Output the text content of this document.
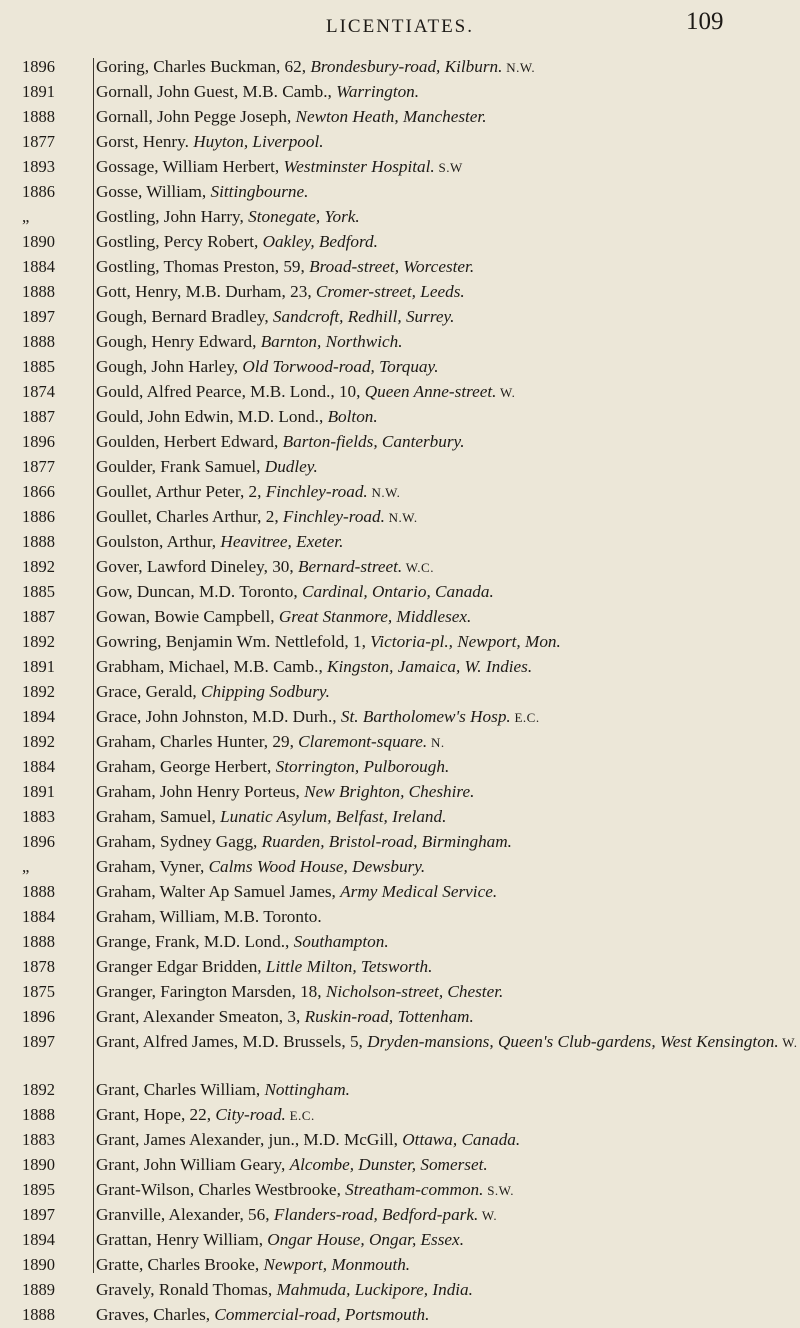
LICENTIATES.	109
1896	Goring, Charles Buckman, 62, Brondesbury-road, Kilburn. N.W.
1891	Gornall, John Guest, M.B. Camb., Warrington.
1888	Gornall, John Pegge Joseph, Newton Heath, Manchester.
1877	Gorst, Henry. Huyton, Liverpool.
1893	Gossage, William Herbert, Westminster Hospital. S.W
1886	Gosse, William, Sittingbourne.
„	Gostling, John Harry, Stonegate, York.
1890	Gostling, Percy Robert, Oakley, Bedford.
1884	Gostling, Thomas Preston, 59, Broad-street, Worcester.
1888	Gott, Henry, M.B. Durham, 23, Cromer-street, Leeds.
1897	Gough, Bernard Bradley, Sandcroft, Redhill, Surrey.
1888	Gough, Henry Edward, Barnton, Northwich.
1885	Gough, John Harley, Old Torwood-road, Torquay.
1874	Gould, Alfred Pearce, M.B. Lond., 10, Queen Anne-street. W.
1887	Gould, John Edwin, M.D. Lond., Bolton.
1896	Goulden, Herbert Edward, Barton-fields, Canterbury.
1877	Goulder, Frank Samuel, Dudley.
1866	Goullet, Arthur Peter, 2, Finchley-road. N.W.
1886	Goullet, Charles Arthur, 2, Finchley-road. N.W.
1888	Goulston, Arthur, Heavitree, Exeter.
1892	Gover, Lawford Dineley, 30, Bernard-street. W.C.
1885	Gow, Duncan, M.D. Toronto, Cardinal, Ontario, Canada.
1887	Gowan, Bowie Campbell, Great Stanmore, Middlesex.
1892	Gowring, Benjamin Wm. Nettlefold, 1, Victoria-pl., Newport, Mon.
1891	Grabham, Michael, M.B. Camb., Kingston, Jamaica, W. Indies.
1892	Grace, Gerald, Chipping Sodbury.
1894	Grace, John Johnston, M.D. Durh., St. Bartholomew's Hosp. E.C.
1892	Graham, Charles Hunter, 29, Claremont-square. N.
1884	Graham, George Herbert, Storrington, Pulborough.
1891	Graham, John Henry Porteus, New Brighton, Cheshire.
1883	Graham, Samuel, Lunatic Asylum, Belfast, Ireland.
1896	Graham, Sydney Gagg, Ruarden, Bristol-road, Birmingham.
„	Graham, Vyner, Calms Wood House, Dewsbury.
1888	Graham, Walter Ap Samuel James, Army Medical Service.
1884	Graham, William, M.B. Toronto.
1888	Grange, Frank, M.D. Lond., Southampton.
1878	Granger Edgar Bridden, Little Milton, Tetsworth.
1875	Granger, Farington Marsden, 18, Nicholson-street, Chester.
1896	Grant, Alexander Smeaton, 3, Ruskin-road, Tottenham.
1897	Grant, Alfred James, M.D. Brussels, 5, Dryden-mansions, Queen's Club-gardens, West Kensington. W.
1892	Grant, Charles William, Nottingham.
1888	Grant, Hope, 22, City-road. E.C.
1883	Grant, James Alexander, jun., M.D. McGill, Ottawa, Canada.
1890	Grant, John William Geary, Alcombe, Dunster, Somerset.
1895	Grant-Wilson, Charles Westbrooke, Streatham-common. S.W.
1897	Granville, Alexander, 56, Flanders-road, Bedford-park. W.
1894	Grattan, Henry William, Ongar House, Ongar, Essex.
1890	Gratte, Charles Brooke, Newport, Monmouth.
1889	Gravely, Ronald Thomas, Mahmuda, Luckipore, India.
1888	Graves, Charles, Commercial-road, Portsmouth.
